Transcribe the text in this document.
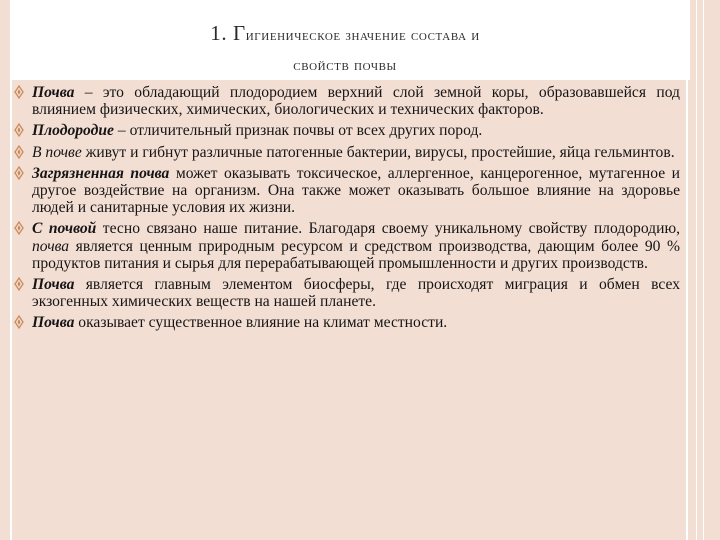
1. Гигиеническое значение состава и
свойств почвы
Почва – это обладающий плодородием верхний слой земной коры, образовавшейся под влиянием физических, химических, биологических и технических факторов.
Плодородие – отличительный признак почвы от всех других пород.
В почве живут и гибнут различные патогенные бактерии, вирусы, простейшие, яйца гельминтов.
Загрязненная почва может оказывать токсическое, аллергенное, канцерогенное, мутагенное и другое воздействие на организм. Она также может оказывать большое влияние на здоровье людей и санитарные условия их жизни.
С почвой тесно связано наше питание. Благодаря своему уникальному свойству плодородию, почва является ценным природным ресурсом и средством производства, дающим более 90 % продуктов питания и сырья для перерабатывающей промышленности и других производств.
Почва является главным элементом биосферы, где происходят миграция и обмен всех экзогенных химических веществ на нашей планете.
Почва оказывает существенное влияние на климат местности.
